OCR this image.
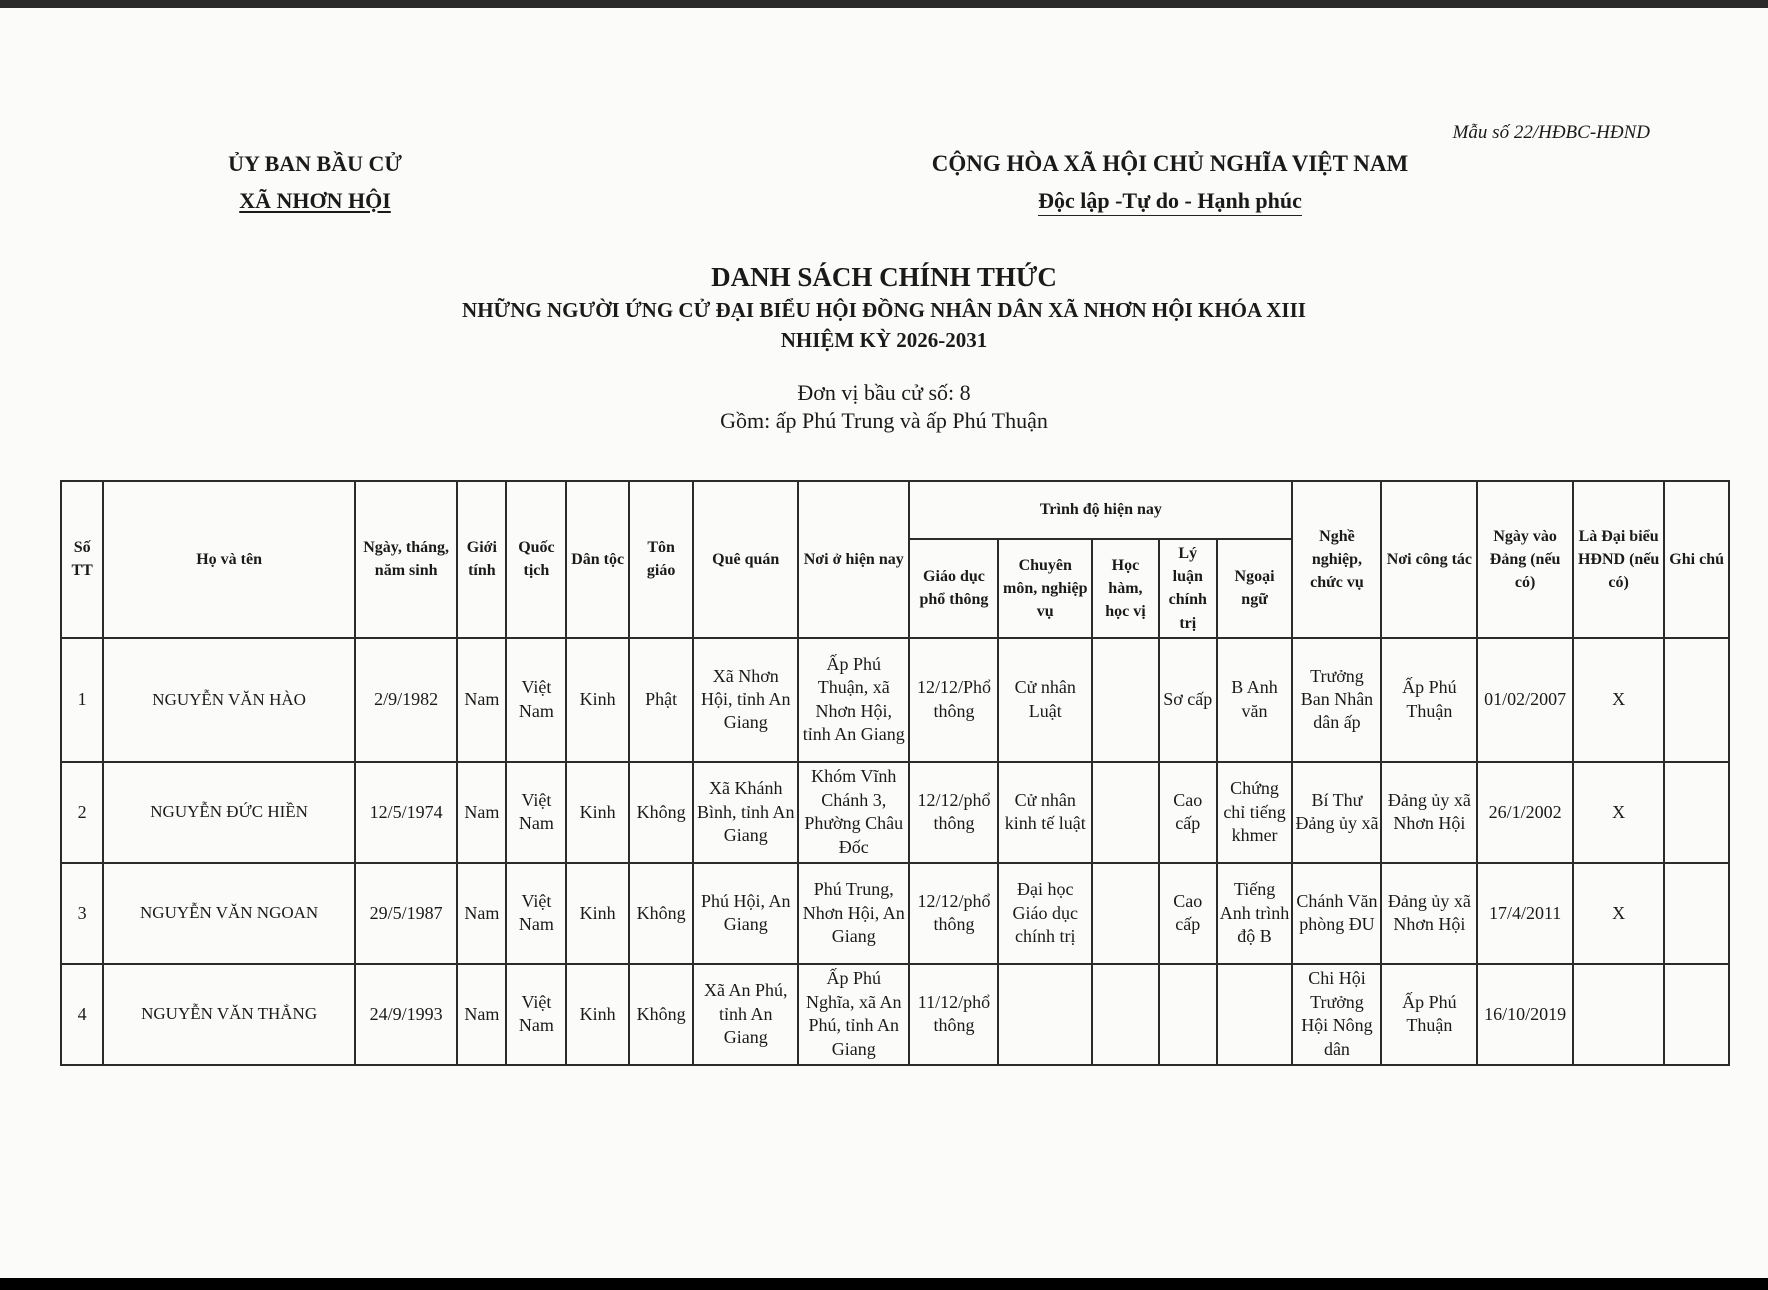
Mẫu số 22/HĐBC-HĐND
ỦY BAN BẦU CỬ
XÃ NHƠN HỘI
CỘNG HÒA XÃ HỘI CHỦ NGHĨA VIỆT NAM
Độc lập -Tự do - Hạnh phúc
DANH SÁCH CHÍNH THỨC
NHỮNG NGƯỜI ỨNG CỬ ĐẠI BIỂU HỘI ĐỒNG NHÂN DÂN XÃ NHƠN HỘI KHÓA XIII
NHIỆM KỲ 2026-2031
Đơn vị bầu cử số: 8
Gồm: ấp Phú Trung và ấp Phú Thuận
Số TT	Họ và tên	Ngày, tháng, năm sinh	Giới tính	Quốc tịch	Dân tộc	Tôn giáo	Quê quán	Nơi ở hiện nay	Trình độ hiện nay					Nghề nghiệp, chức vụ	Nơi công tác	Ngày vào Đảng (nếu có)	Là Đại biểu HĐND (nếu có)	Ghi chú
									Giáo dục phổ thông	Chuyên môn, nghiệp vụ	Học hàm, học vị	Lý luận chính trị	Ngoại ngữ					
1	NGUYỄN VĂN HÀO	2/9/1982	Nam	Việt Nam	Kinh	Phật	Xã Nhơn Hội, tỉnh An Giang	Ấp Phú Thuận, xã Nhơn Hội, tỉnh An Giang	12/12/Phổ thông	Cử nhân Luật		Sơ cấp	B Anh văn	Trưởng Ban Nhân dân ấp	Ấp Phú Thuận	01/02/2007	X	
2	NGUYỄN ĐỨC HIỀN	12/5/1974	Nam	Việt Nam	Kinh	Không	Xã Khánh Bình, tỉnh An Giang	Khóm Vĩnh Chánh 3, Phường Châu Đốc	12/12/phổ thông	Cử nhân kinh tế luật		Cao cấp	Chứng chỉ tiếng khmer	Bí Thư Đảng ủy xã	Đảng ủy xã Nhơn Hội	26/1/2002	X	
3	NGUYỄN VĂN NGOAN	29/5/1987	Nam	Việt Nam	Kinh	Không	Phú Hội, An Giang	Phú Trung, Nhơn Hội, An Giang	12/12/phổ thông	Đại học Giáo dục chính trị		Cao cấp	Tiếng Anh trình độ B	Chánh Văn phòng ĐU	Đảng ủy xã Nhơn Hội	17/4/2011	X	
4	NGUYỄN VĂN THẮNG	24/9/1993	Nam	Việt Nam	Kinh	Không	Xã An Phú, tỉnh An Giang	Ấp Phú Nghĩa, xã An Phú, tỉnh An Giang	11/12/phổ thông					Chi Hội Trưởng Hội Nông dân	Ấp Phú Thuận	16/10/2019		
